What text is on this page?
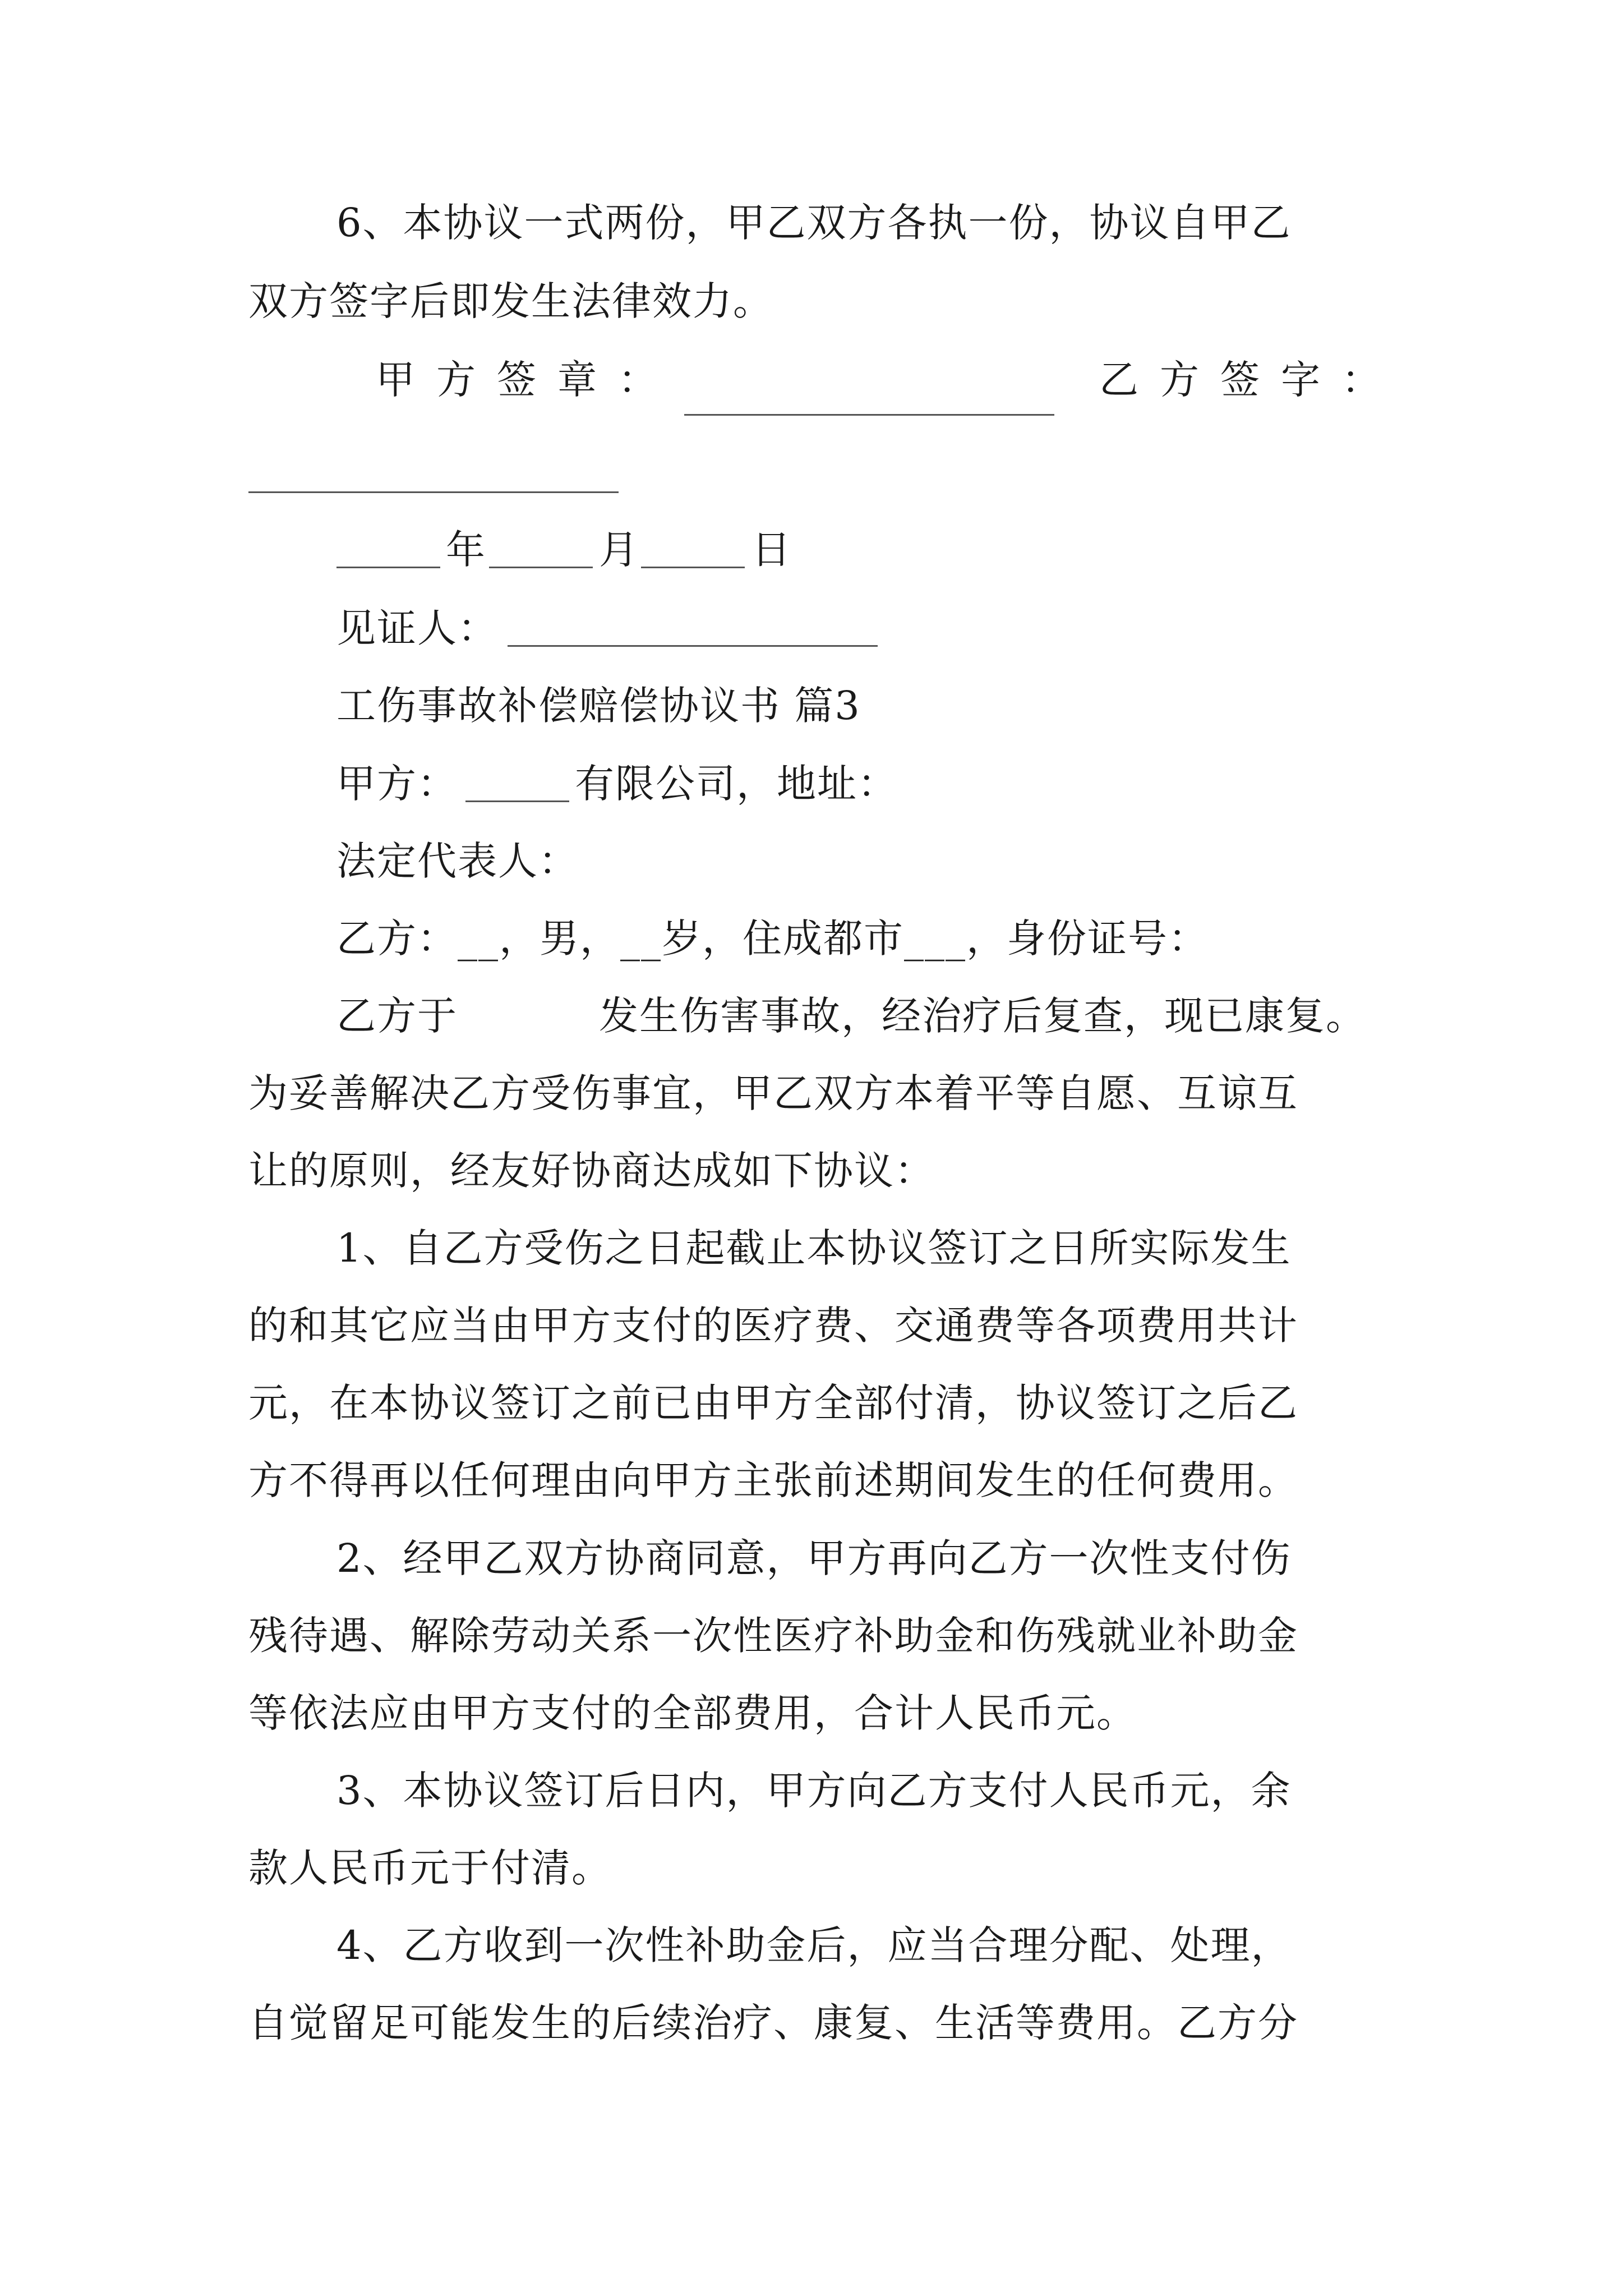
6、本协议一式两份，甲乙双方各执一份，协议自甲乙
双方签字后即发生法律效力。
甲方签章：	乙方签字：
年	月	日
见证人：
工伤事故补偿赔偿协议书 篇3
甲方：	有限公司，地址：
法定代表人：
乙方：__，男，__岁，住成都市___，身份证号：
乙方于	发生伤害事故，经治疗后复查，现已康复。
为妥善解决乙方受伤事宜，甲乙双方本着平等自愿、互谅互
让的原则，经友好协商达成如下协议：
1、自乙方受伤之日起截止本协议签订之日所实际发生
的和其它应当由甲方支付的医疗费、交通费等各项费用共计
元，在本协议签订之前已由甲方全部付清，协议签订之后乙
方不得再以任何理由向甲方主张前述期间发生的任何费用。
2、经甲乙双方协商同意，甲方再向乙方一次性支付伤
残待遇、解除劳动关系一次性医疗补助金和伤残就业补助金
等依法应由甲方支付的全部费用，合计人民币元。
3、本协议签订后日内，甲方向乙方支付人民币元，余
款人民币元于付清。
4、乙方收到一次性补助金后，应当合理分配、处理，
自觉留足可能发生的后续治疗、康复、生活等费用。乙方分
